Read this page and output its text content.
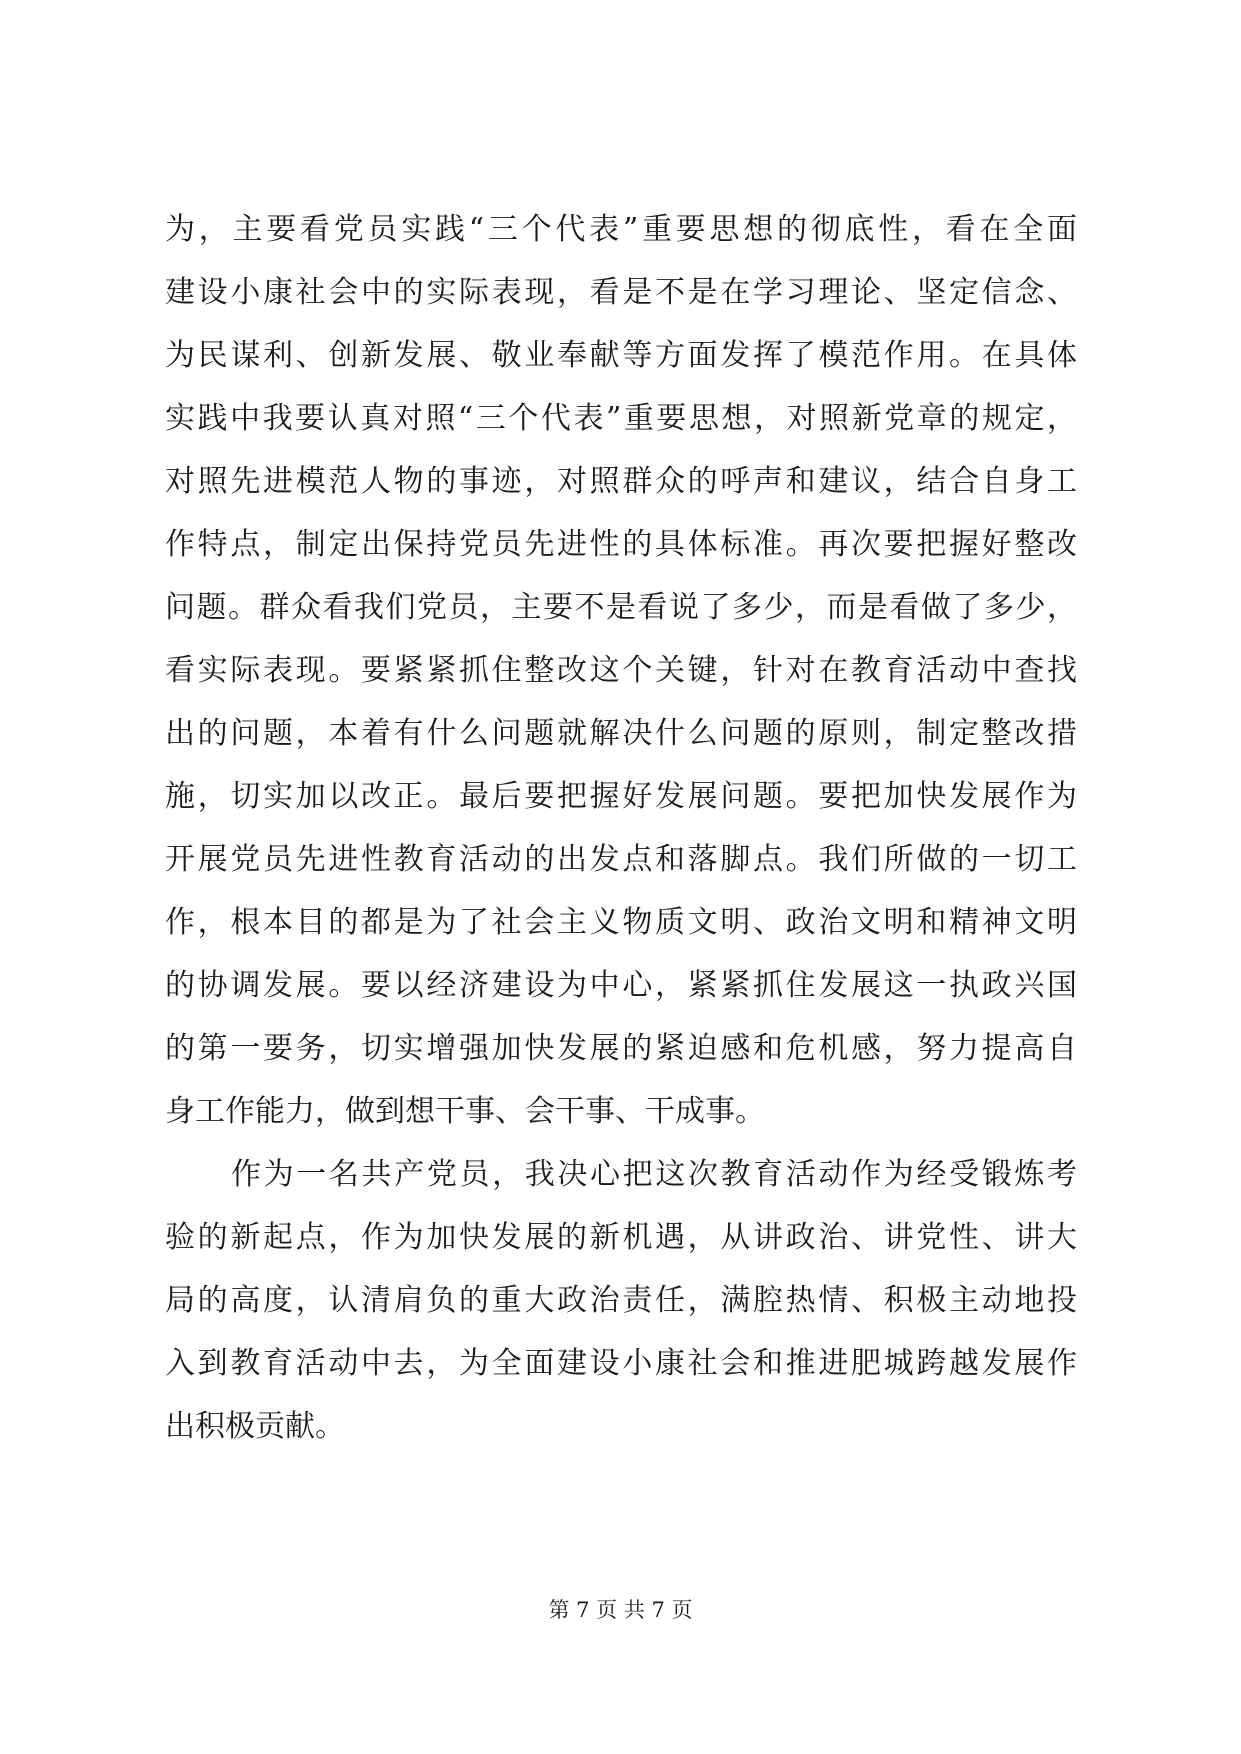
为，主要看党员实践“三个代表”重要思想的彻底性，看在全面
建设小康社会中的实际表现，看是不是在学习理论、坚定信念、
为民谋利、创新发展、敬业奉献等方面发挥了模范作用。在具体
实践中我要认真对照“三个代表”重要思想，对照新党章的规定，
对照先进模范人物的事迹，对照群众的呼声和建议，结合自身工
作特点，制定出保持党员先进性的具体标准。再次要把握好整改
问题。群众看我们党员，主要不是看说了多少，而是看做了多少，
看实际表现。要紧紧抓住整改这个关键，针对在教育活动中查找
出的问题，本着有什么问题就解决什么问题的原则，制定整改措
施，切实加以改正。最后要把握好发展问题。要把加快发展作为
开展党员先进性教育活动的出发点和落脚点。我们所做的一切工
作，根本目的都是为了社会主义物质文明、政治文明和精神文明
的协调发展。要以经济建设为中心，紧紧抓住发展这一执政兴国
的第一要务，切实增强加快发展的紧迫感和危机感，努力提高自
身工作能力，做到想干事、会干事、干成事。
作为一名共产党员，我决心把这次教育活动作为经受锻炼考
验的新起点，作为加快发展的新机遇，从讲政治、讲党性、讲大
局的高度，认清肩负的重大政治责任，满腔热情、积极主动地投
入到教育活动中去，为全面建设小康社会和推进肥城跨越发展作
出积极贡献。
第 7 页 共 7 页
